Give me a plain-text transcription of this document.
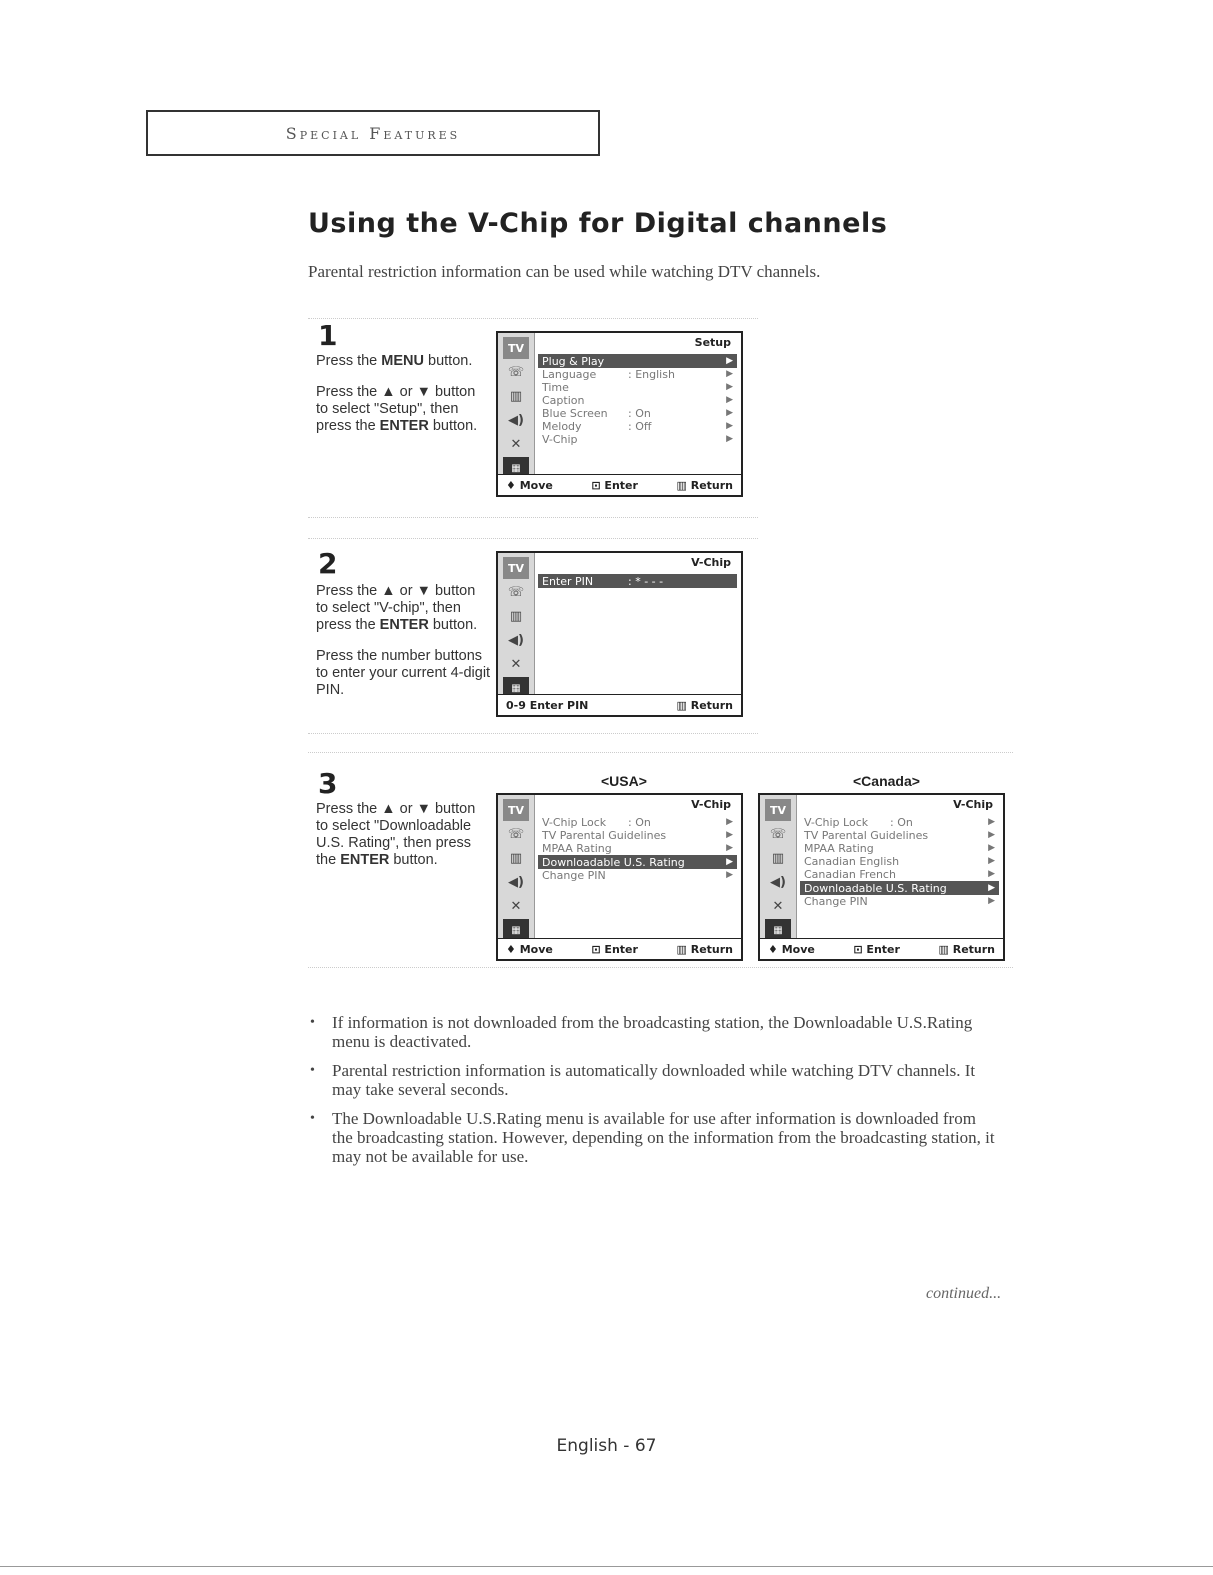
Special Features
Using the V-Chip for Digital channels
Parental restriction information can be used while watching DTV channels.
1

Press the MENU button.

Press the ▲ or ▼ button to select "Setup", then press the ENTER button.

TV
☏
▥
◀)
✕
▦
Setup
Plug & Play	▶
Language	: English	▶
Time	▶
Caption	▶
Blue Screen : On	▶
Melody	: Off	▶
V-Chip	▶
♦ Move	⊡ Enter	▥ Return
2

Press the ▲ or ▼ button to select "V-chip", then press the ENTER button.

Press the number buttons to enter your current 4-digit PIN.

TV
☏
▥
◀)
✕
▦
V-Chip
Enter PIN	: * - - -
0-9 Enter PIN	▥ Return
3

Press the ▲ or ▼ button to select "Downloadable U.S. Rating", then press the ENTER button.

<USA>	<Canada>
TV
☏
▥
◀)
✕
▦
V-Chip
V-Chip Lock : On	▶
TV Parental Guidelines	▶
MPAA Rating	▶
Downloadable U.S. Rating	▶
Change PIN	▶
♦ Move	⊡ Enter	▥ Return
TV
☏
▥
◀)
✕
▦
V-Chip
V-Chip Lock : On	▶
TV Parental Guidelines	▶
MPAA Rating	▶
Canadian English	▶
Canadian French	▶
Downloadable U.S. Rating	▶
Change PIN	▶
♦ Move	⊡ Enter	▥ Return
• If information is not downloaded from the broadcasting station, the Downloadable U.S.Rating menu is deactivated.
• Parental restriction information is automatically downloaded while watching DTV channels. It may take several seconds.
• The Downloadable U.S.Rating menu is available for use after information is downloaded from the broadcasting station. However, depending on the information from the broadcasting station, it may not be available for use.
continued...
English - 67
